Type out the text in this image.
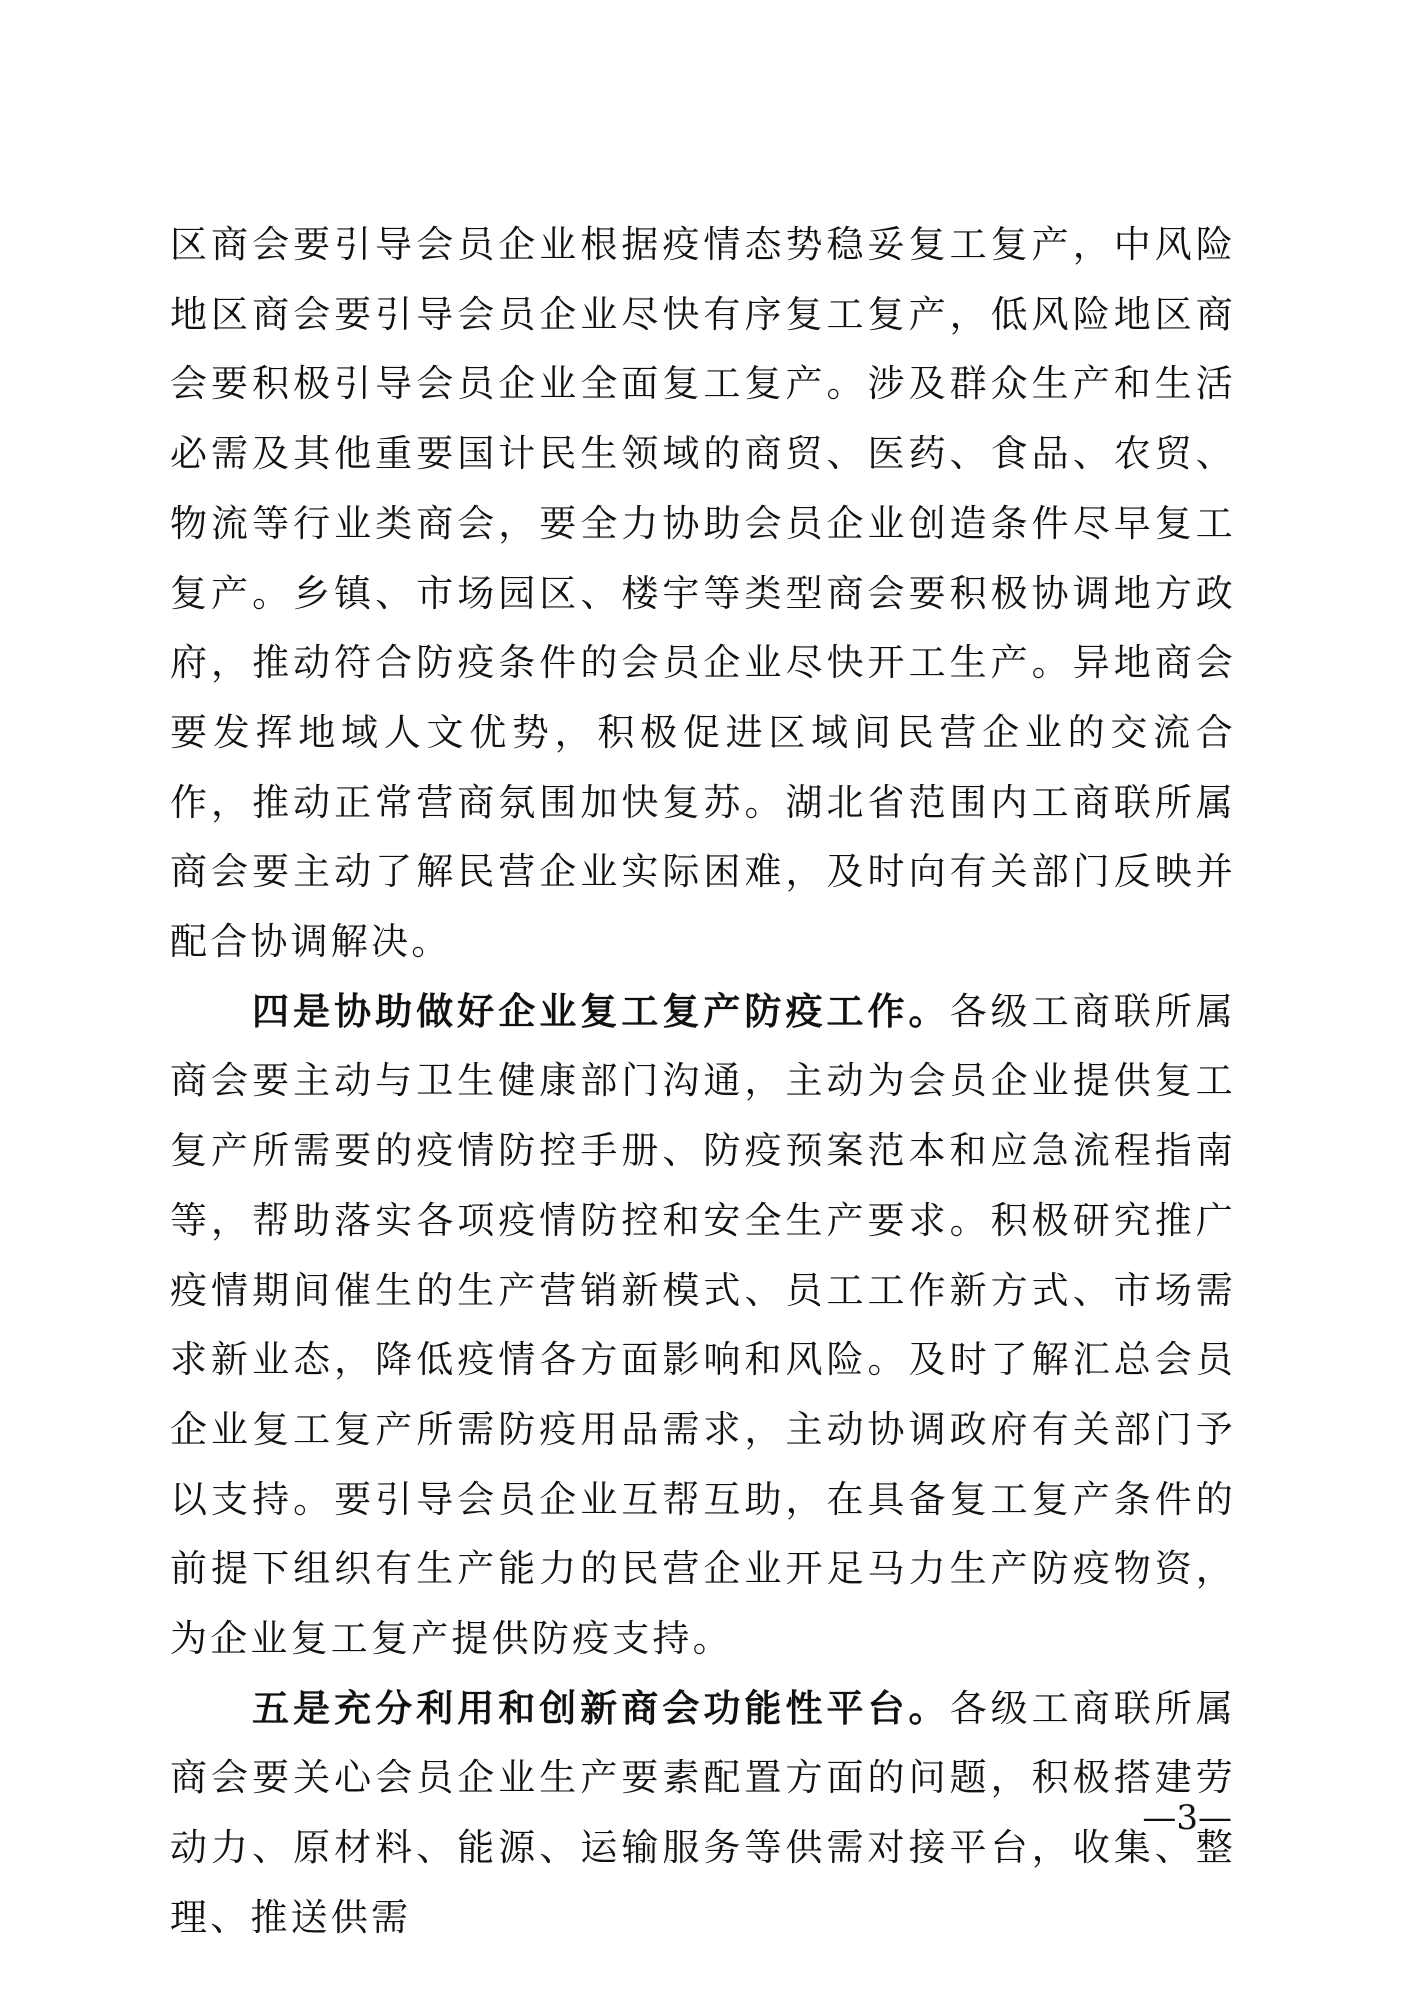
区商会要引导会员企业根据疫情态势稳妥复工复产，中风险地区商会要引导会员企业尽快有序复工复产，低风险地区商会要积极引导会员企业全面复工复产。涉及群众生产和生活必需及其他重要国计民生领域的商贸、医药、食品、农贸、物流等行业类商会，要全力协助会员企业创造条件尽早复工复产。乡镇、市场园区、楼宇等类型商会要积极协调地方政府，推动符合防疫条件的会员企业尽快开工生产。异地商会要发挥地域人文优势，积极促进区域间民营企业的交流合作，推动正常营商氛围加快复苏。湖北省范围内工商联所属商会要主动了解民营企业实际困难，及时向有关部门反映并配合协调解决。

四是协助做好企业复工复产防疫工作。各级工商联所属商会要主动与卫生健康部门沟通，主动为会员企业提供复工复产所需要的疫情防控手册、防疫预案范本和应急流程指南等，帮助落实各项疫情防控和安全生产要求。积极研究推广疫情期间催生的生产营销新模式、员工工作新方式、市场需求新业态，降低疫情各方面影响和风险。及时了解汇总会员企业复工复产所需防疫用品需求，主动协调政府有关部门予以支持。要引导会员企业互帮互助，在具备复工复产条件的前提下组织有生产能力的民营企业开足马力生产防疫物资，为企业复工复产提供防疫支持。

五是充分利用和创新商会功能性平台。各级工商联所属商会要关心会员企业生产要素配置方面的问题，积极搭建劳动力、原材料、能源、运输服务等供需对接平台，收集、整理、推送供需

—3—
